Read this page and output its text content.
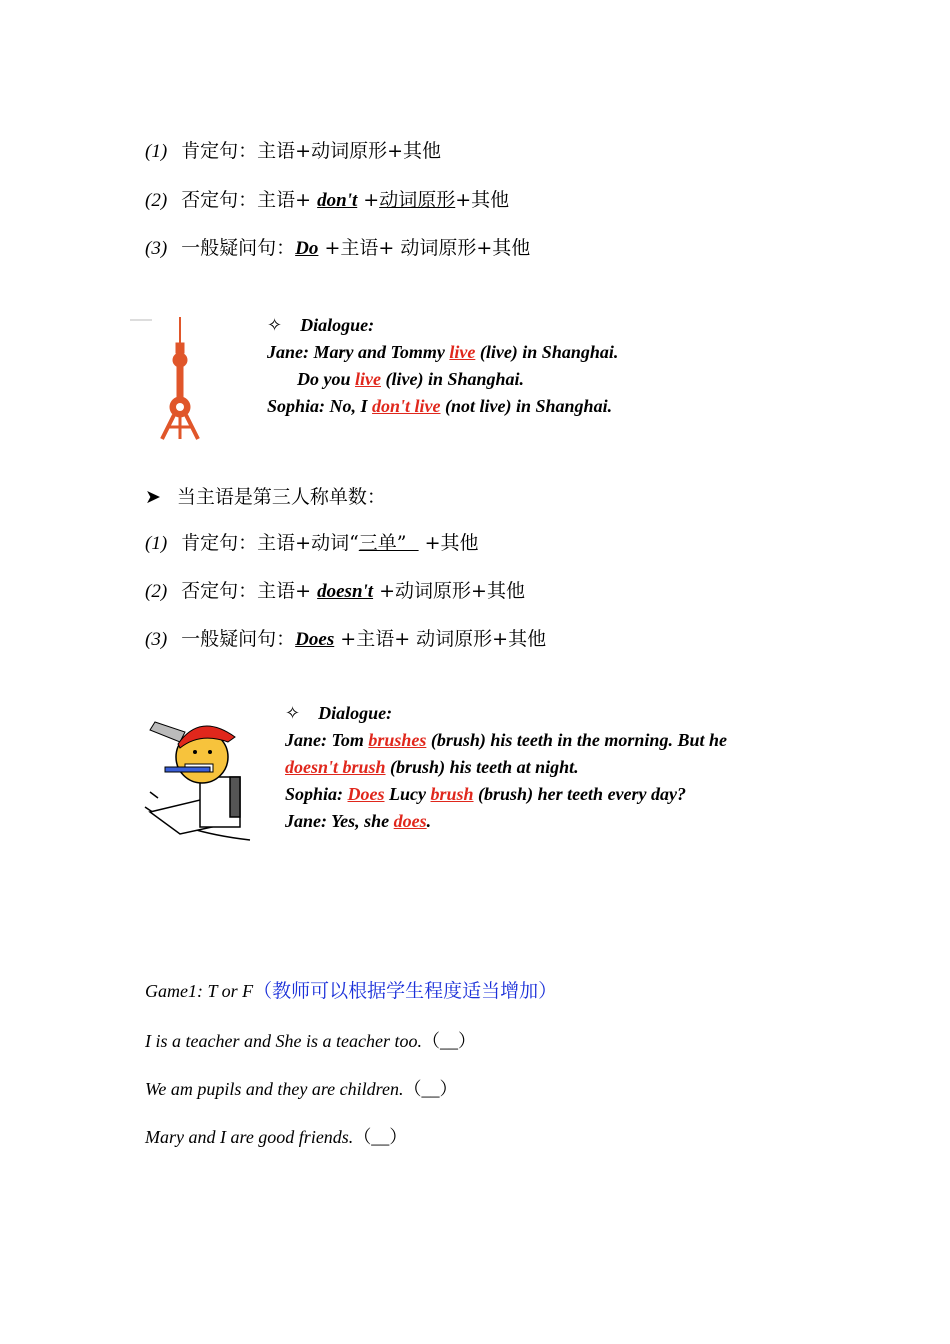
(1) 肯定句：主语+动词原形+其他
(2) 否定句：主语+ don't +动词原形+其他
(3) 一般疑问句：Do +主语+ 动词原形+其他
✧ Dialogue:
Jane: Mary and Tommy live (live) in Shanghai.
Do you live (live) in Shanghai.
Sophia: No, I don't live (not live) in Shanghai.
➤ 当主语是第三人称单数：
(1) 肯定句：主语+动词“三单”   +其他
(2) 否定句：主语+ doesn't +动词原形+其他
(3) 一般疑问句：Does +主语+ 动词原形+其他
✧ Dialogue:
Jane: Tom brushes (brush) his teeth in the morning. But he
doesn't brush (brush) his teeth at night.
Sophia: Does Lucy brush (brush) her teeth every day?
Jane: Yes, she does.
Game1: T or F（教师可以根据学生程度适当增加）
I is a teacher and She is a teacher too.（__）
We am pupils and they are children.（__）
Mary and I are good friends.（__）
